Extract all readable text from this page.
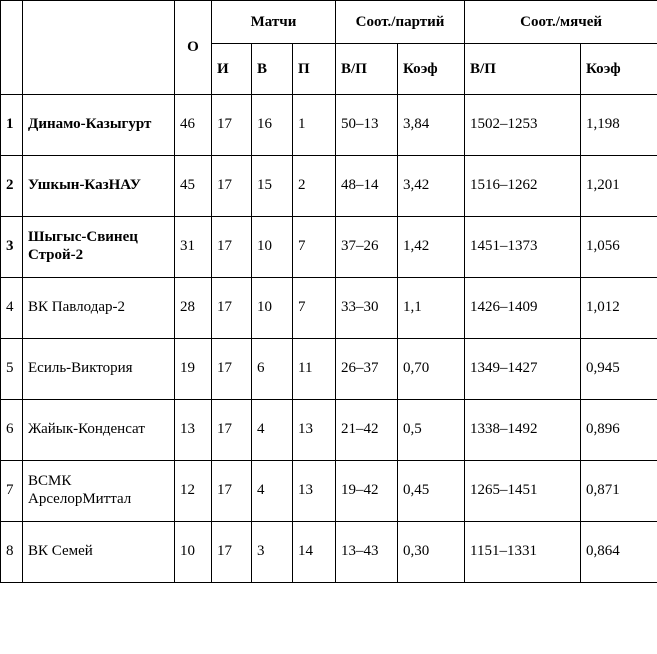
		О	Матчи			Соот./партий		Соот./мячей	
			И	В	П	В/П	Коэф	В/П	Коэф
1	Динамо-Казыгурт	46	17	16	1	50–13	3,84	1502–1253	1,198
2	Ушкын-КазНАУ	45	17	15	2	48–14	3,42	1516–1262	1,201
3	Шыгыс-Свинец Строй-2	31	17	10	7	37–26	1,42	1451–1373	1,056
4	ВК Павлодар-2	28	17	10	7	33–30	1,1	1426–1409	1,012
5	Есиль-Виктория	19	17	6	11	26–37	0,70	1349–1427	0,945
6	Жайык-Конденсат	13	17	4	13	21–42	0,5	1338–1492	0,896
7	ВСМК АрселорМиттал	12	17	4	13	19–42	0,45	1265–1451	0,871
8	ВК Семей	10	17	3	14	13–43	0,30	1151–1331	0,864
